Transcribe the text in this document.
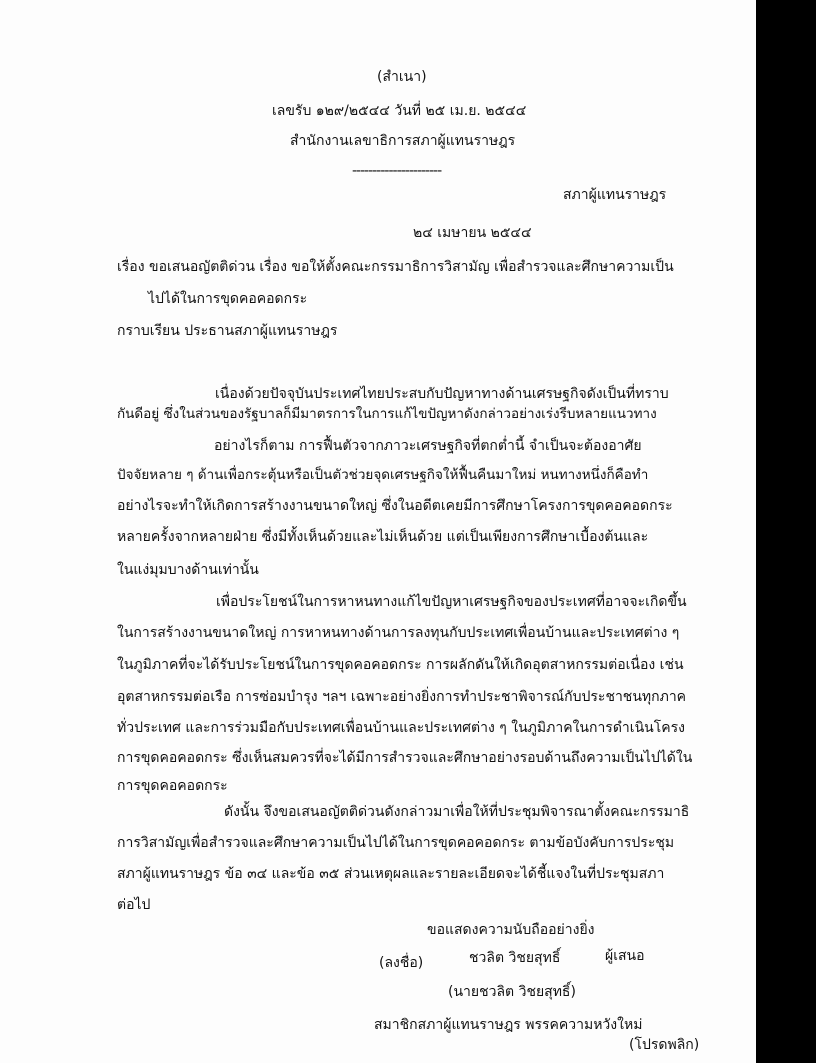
(สำเนา)
เลขรับ ๑๒๙/๒๕๔๔ วันที่ ๒๕ เม.ย. ๒๕๔๔
สำนักงานเลขาธิการสภาผู้แทนราษฎร
----------------------
สภาผู้แทนราษฎร
๒๔ เมษายน ๒๕๔๔
เรื่อง ขอเสนอญัตติด่วน เรื่อง ขอให้ตั้งคณะกรรมาธิการวิสามัญ เพื่อสำรวจและศึกษาความเป็น
ไปได้ในการขุดคอคอดกระ
กราบเรียน ประธานสภาผู้แทนราษฎร
เนื่องด้วยปัจจุบันประเทศไทยประสบกับปัญหาทางด้านเศรษฐกิจดังเป็นที่ทราบ
กันดีอยู่ ซึ่งในส่วนของรัฐบาลก็มีมาตรการในการแก้ไขปัญหาดังกล่าวอย่างเร่งรีบหลายแนวทาง
อย่างไรก็ตาม การฟื้นตัวจากภาวะเศรษฐกิจที่ตกต่ำนี้ จำเป็นจะต้องอาศัย
ปัจจัยหลาย ๆ ด้านเพื่อกระตุ้นหรือเป็นตัวช่วยจุดเศรษฐกิจให้ฟื้นคืนมาใหม่ หนทางหนึ่งก็คือทำ
อย่างไรจะทำให้เกิดการสร้างงานขนาดใหญ่ ซึ่งในอดีตเคยมีการศึกษาโครงการขุดคอคอดกระ
หลายครั้งจากหลายฝ่าย ซึ่งมีทั้งเห็นด้วยและไม่เห็นด้วย แต่เป็นเพียงการศึกษาเบื้องต้นและ
ในแง่มุมบางด้านเท่านั้น
เพื่อประโยชน์ในการหาหนทางแก้ไขปัญหาเศรษฐกิจของประเทศที่อาจจะเกิดขึ้น
ในการสร้างงานขนาดใหญ่ การหาหนทางด้านการลงทุนกับประเทศเพื่อนบ้านและประเทศต่าง ๆ
ในภูมิภาคที่จะได้รับประโยชน์ในการขุดคอคอดกระ การผลักดันให้เกิดอุตสาหกรรมต่อเนื่อง เช่น
อุตสาหกรรมต่อเรือ การซ่อมบำรุง ฯลฯ เฉพาะอย่างยิ่งการทำประชาพิจารณ์กับประชาชนทุกภาค
ทั่วประเทศ และการร่วมมือกับประเทศเพื่อนบ้านและประเทศต่าง ๆ ในภูมิภาคในการดำเนินโครง
การขุดคอคอดกระ ซึ่งเห็นสมควรที่จะได้มีการสำรวจและศึกษาอย่างรอบด้านถึงความเป็นไปได้ใน
การขุดคอคอดกระ
ดังนั้น จึงขอเสนอญัตติด่วนดังกล่าวมาเพื่อให้ที่ประชุมพิจารณาตั้งคณะกรรมาธิ
การวิสามัญเพื่อสำรวจและศึกษาความเป็นไปได้ในการขุดคอคอดกระ ตามข้อบังคับการประชุม
สภาผู้แทนราษฎร ข้อ ๓๔ และข้อ ๓๕ ส่วนเหตุผลและรายละเอียดจะได้ชี้แจงในที่ประชุมสภา
ต่อไป
ขอแสดงความนับถืออย่างยิ่ง
(ลงชื่อ)	ชวลิต วิชยสุทธิ์	ผู้เสนอ
(นายชวลิต วิชยสุทธิ์)
สมาชิกสภาผู้แทนราษฎร พรรคความหวังใหม่
(โปรดพลิก)
